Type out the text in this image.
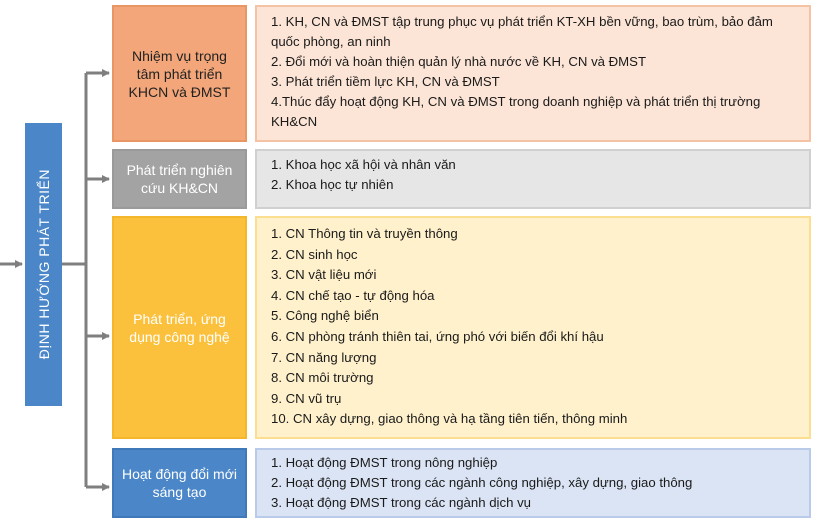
ĐỊNH HƯỚNG PHÁT TRIỂN
Nhiệm vụ trọng tâm phát triển KHCN và ĐMST
1. KH, CN và ĐMST tập trung phục vụ phát triển KT-XH bền vững, bao trùm, bảo đảm quốc phòng, an ninh
2. Đổi mới và hoàn thiện quản lý nhà nước về KH, CN và ĐMST
3. Phát triển tiềm lực KH, CN và ĐMST
4.Thúc đẩy hoạt động KH, CN và ĐMST trong doanh nghiệp và phát triển thị trường KH&CN
Phát triển nghiên cứu KH&CN
1. Khoa học xã hội và nhân văn
2. Khoa học tự nhiên
Phát triển, ứng dụng công nghệ
1. CN Thông tin và truyền thông
2. CN sinh học
3. CN vật liệu mới
4. CN chế tạo - tự động hóa
5. Công nghệ biển
6. CN phòng tránh thiên tai, ứng phó với biến đổi khí hậu
7. CN năng lượng
8. CN môi trường
9. CN vũ trụ
10. CN xây dựng, giao thông và hạ tầng tiên tiến, thông minh
Hoạt động đổi mới sáng tạo
1. Hoạt động ĐMST trong nông nghiệp
2. Hoạt động ĐMST trong các ngành công nghiệp, xây dựng, giao thông
3. Hoạt động ĐMST trong các ngành dịch vụ
